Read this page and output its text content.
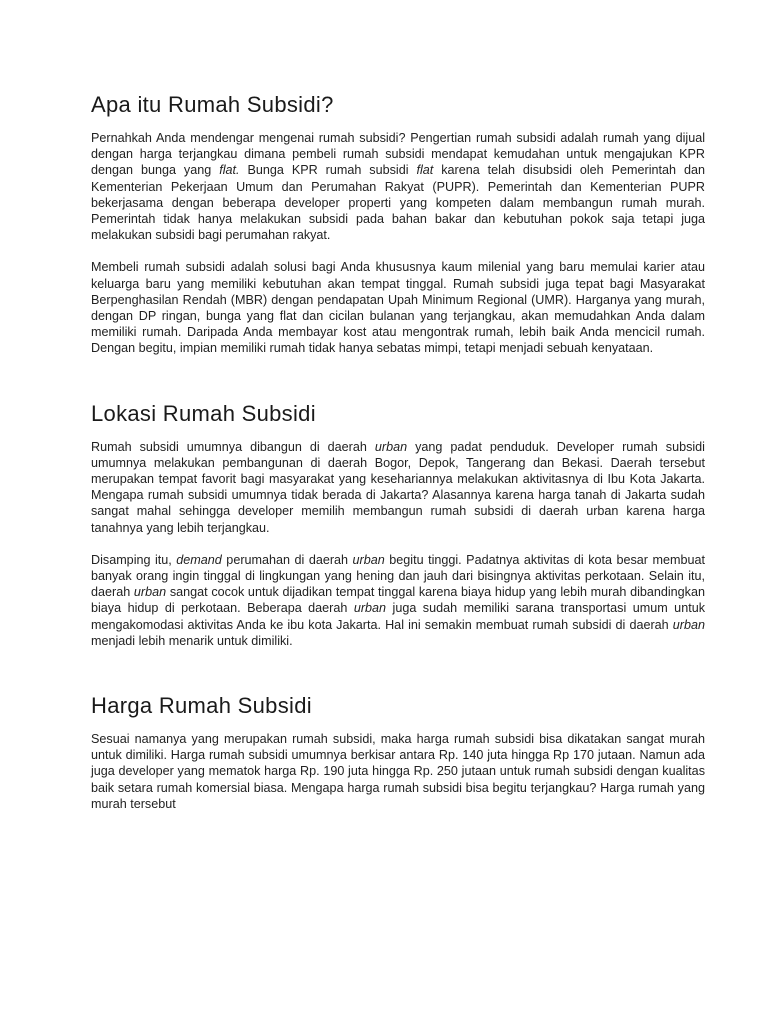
Apa itu Rumah Subsidi?

Pernahkah Anda mendengar mengenai rumah subsidi? Pengertian rumah subsidi adalah rumah yang dijual dengan harga terjangkau dimana pembeli rumah subsidi mendapat kemudahan untuk mengajukan KPR dengan bunga yang flat. Bunga KPR rumah subsidi flat karena telah disubsidi oleh Pemerintah dan Kementerian Pekerjaan Umum dan Perumahan Rakyat (PUPR). Pemerintah dan Kementerian PUPR bekerjasama dengan beberapa developer properti yang kompeten dalam membangun rumah murah. Pemerintah tidak hanya melakukan subsidi pada bahan bakar dan kebutuhan pokok saja tetapi juga melakukan subsidi bagi perumahan rakyat.

Membeli rumah subsidi adalah solusi bagi Anda khususnya kaum milenial yang baru memulai karier atau keluarga baru yang memiliki kebutuhan akan tempat tinggal. Rumah subsidi juga tepat bagi Masyarakat Berpenghasilan Rendah (MBR) dengan pendapatan Upah Minimum Regional (UMR). Harganya yang murah, dengan DP ringan, bunga yang flat dan cicilan bulanan yang terjangkau, akan memudahkan Anda dalam memiliki rumah. Daripada Anda membayar kost atau mengontrak rumah, lebih baik Anda mencicil rumah. Dengan begitu, impian memiliki rumah tidak hanya sebatas mimpi, tetapi menjadi sebuah kenyataan.

Lokasi Rumah Subsidi

Rumah subsidi umumnya dibangun di daerah urban yang padat penduduk. Developer rumah subsidi umumnya melakukan pembangunan di daerah Bogor, Depok, Tangerang dan Bekasi. Daerah tersebut merupakan tempat favorit bagi masyarakat yang kesehariannya melakukan aktivitasnya di Ibu Kota Jakarta. Mengapa rumah subsidi umumnya tidak berada di Jakarta? Alasannya karena harga tanah di Jakarta sudah sangat mahal sehingga developer memilih membangun rumah subsidi di daerah urban karena harga tanahnya yang lebih terjangkau.

Disamping itu, demand perumahan di daerah urban begitu tinggi. Padatnya aktivitas di kota besar membuat banyak orang ingin tinggal di lingkungan yang hening dan jauh dari bisingnya aktivitas perkotaan. Selain itu, daerah urban sangat cocok untuk dijadikan tempat tinggal karena biaya hidup yang lebih murah dibandingkan biaya hidup di perkotaan. Beberapa daerah urban juga sudah memiliki sarana transportasi umum untuk mengakomodasi aktivitas Anda ke ibu kota Jakarta. Hal ini semakin membuat rumah subsidi di daerah urban menjadi lebih menarik untuk dimiliki.

Harga Rumah Subsidi

Sesuai namanya yang merupakan rumah subsidi, maka harga rumah subsidi bisa dikatakan sangat murah untuk dimiliki. Harga rumah subsidi umumnya berkisar antara Rp. 140 juta hingga Rp 170 jutaan. Namun ada juga developer yang mematok harga Rp. 190 juta hingga Rp. 250 jutaan untuk rumah subsidi dengan kualitas baik setara rumah komersial biasa. Mengapa harga rumah subsidi bisa begitu terjangkau? Harga rumah yang murah tersebut
